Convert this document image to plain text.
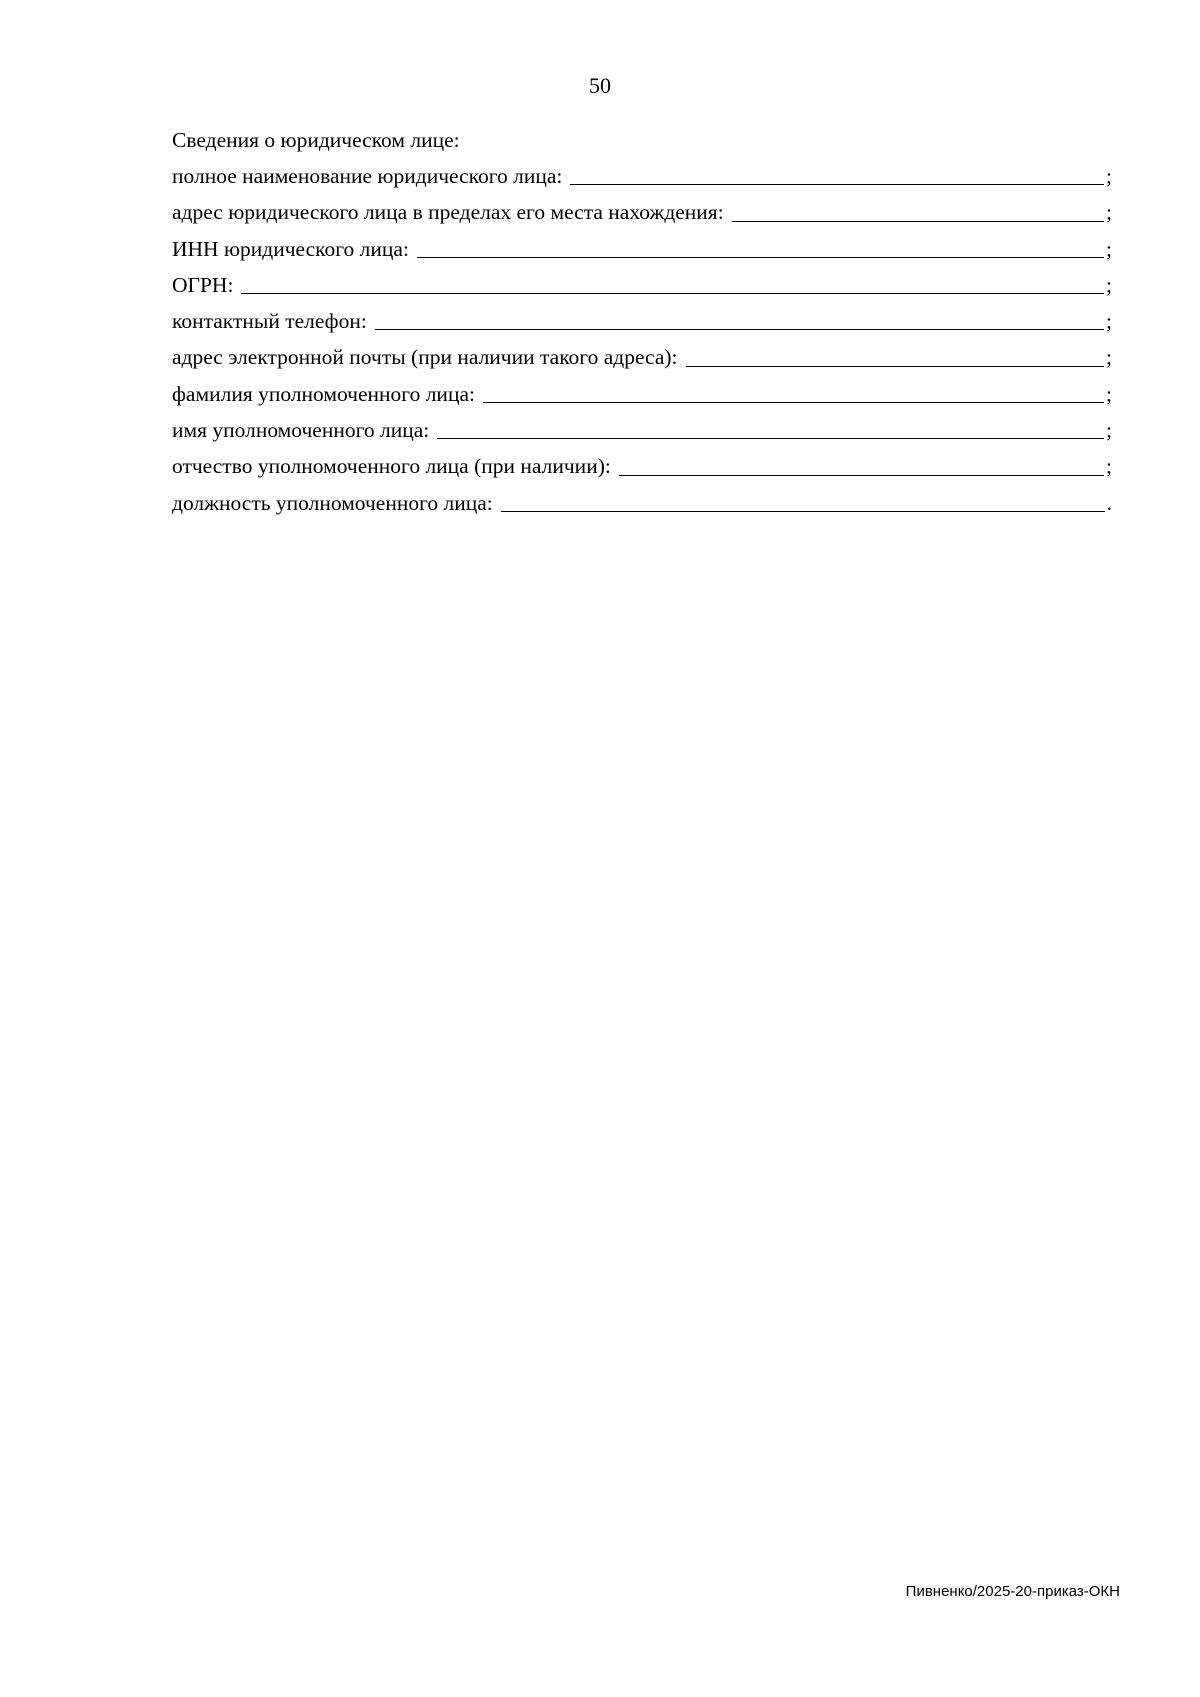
50
Сведения о юридическом лице:
полное наименование юридического лица:	;
адрес юридического лица в пределах его места нахождения:	;
ИНН юридического лица:	;
ОГРН:	;
контактный телефон:	;
адрес электронной почты (при наличии такого адреса):	;
фамилия уполномоченного лица:	;
имя уполномоченного лица:	;
отчество уполномоченного лица (при наличии):	;
должность уполномоченного лица:	.
Пивненко/2025-20-приказ-ОКН
